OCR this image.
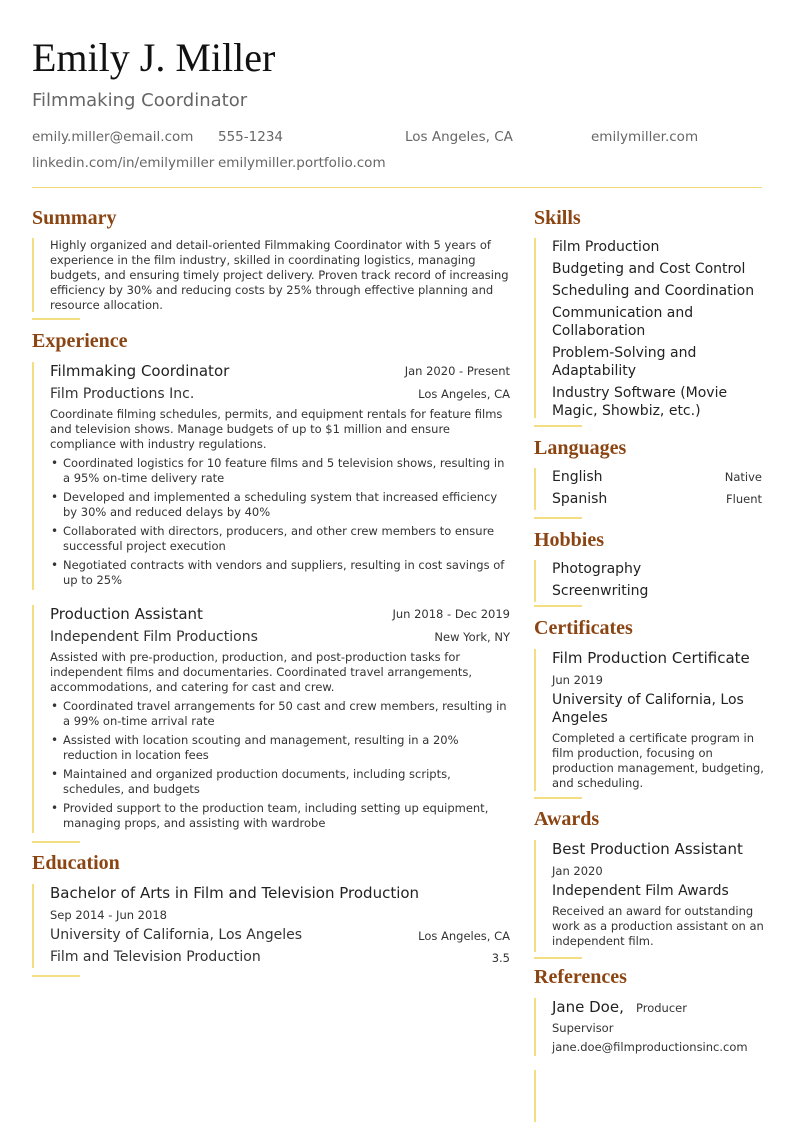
Emily J. Miller
Filmmaking Coordinator
emily.miller@email.com 555-1234	Los Angeles, CA	emilymiller.com
linkedin.com/in/emilymiller emilymiller.portfolio.com
Summary
Highly organized and detail-oriented Filmmaking Coordinator with 5 years of experience in the film industry, skilled in coordinating logistics, managing budgets, and ensuring timely project delivery. Proven track record of increasing efficiency by 30% and reducing costs by 25% through effective planning and resource allocation.
Experience
Filmmaking Coordinator	Jan 2020 - Present
Film Productions Inc.	Los Angeles, CA
Coordinate filming schedules, permits, and equipment rentals for feature films and television shows. Manage budgets of up to $1 million and ensure compliance with industry regulations.
• Coordinated logistics for 10 feature films and 5 television shows, resulting in a 95% on-time delivery rate
• Developed and implemented a scheduling system that increased efficiency by 30% and reduced delays by 40%
• Collaborated with directors, producers, and other crew members to ensure successful project execution
• Negotiated contracts with vendors and suppliers, resulting in cost savings of up to 25%
Production Assistant	Jun 2018 - Dec 2019
Independent Film Productions	New York, NY
Assisted with pre-production, production, and post-production tasks for independent films and documentaries. Coordinated travel arrangements, accommodations, and catering for cast and crew.
• Coordinated travel arrangements for 50 cast and crew members, resulting in a 99% on-time arrival rate
• Assisted with location scouting and management, resulting in a 20% reduction in location fees
• Maintained and organized production documents, including scripts, schedules, and budgets
• Provided support to the production team, including setting up equipment, managing props, and assisting with wardrobe
Education
Bachelor of Arts in Film and Television Production
Sep 2014 - Jun 2018
University of California, Los Angeles	Los Angeles, CA
Film and Television Production	3.5
Skills
Film Production
Budgeting and Cost Control
Scheduling and Coordination
Communication and Collaboration
Problem-Solving and Adaptability
Industry Software (Movie Magic, Showbiz, etc.)
Languages
English	Native
Spanish	Fluent
Hobbies
Photography
Screenwriting
Certificates
Film Production Certificate
Jun 2019
University of California, Los Angeles
Completed a certificate program in film production, focusing on production management, budgeting, and scheduling.
Awards
Best Production Assistant
Jan 2020
Independent Film Awards
Received an award for outstanding work as a production assistant on an independent film.
References
Jane Doe, Producer
Supervisor
jane.doe@filmproductionsinc.com
